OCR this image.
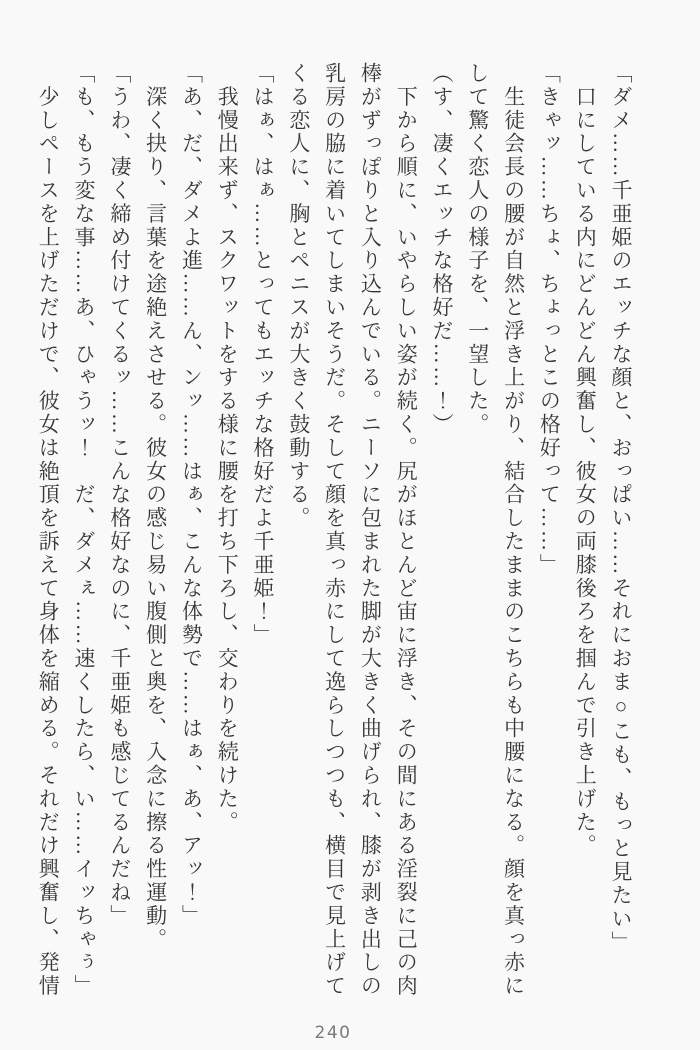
「ダメ……千亜姫のエッチな顔と、おっぱい……それにおま○こも、もっと見たい」

　口にしている内にどんどん興奮し、彼女の両膝後ろを掴んで引き上げた。

「きゃッ……ちょ、ちょっとこの格好って……」

　生徒会長の腰が自然と浮き上がり、結合したままのこちらも中腰になる。顔を真っ赤に

して驚く恋人の様子を、一望した。

（す、凄くエッチな格好だ……！）

　下から順に、いやらしい姿が続く。尻がほとんど宙に浮き、その間にある淫裂に己の肉

棒がずっぽりと入り込んでいる。ニーソに包まれた脚が大きく曲げられ、膝が剥き出しの

乳房の脇に着いてしまいそうだ。そして顔を真っ赤にして逸らしつつも、横目で見上げて

くる恋人に、胸とペニスが大きく鼓動する。

「はぁ、はぁ……とってもエッチな格好だよ千亜姫！」

　我慢出来ず、スクワットをする様に腰を打ち下ろし、交わりを続けた。

「あ、だ、ダメよ進……ん、ンッ……はぁ、こんな体勢で……はぁ、あ、アッ！」

　深く抉り、言葉を途絶えさせる。彼女の感じ易い腹側と奥を、入念に擦る性運動。

「うわ、凄く締め付けてくるッ……こんな格好なのに、千亜姫も感じてるんだね」

「も、もう変な事……あ、ひゃうッ！　だ、ダメぇ……速くしたら、い……イッちゃぅ」

　少しペースを上げただけで、彼女は絶頂を訴えて身体を縮める。それだけ興奮し、発情

240
